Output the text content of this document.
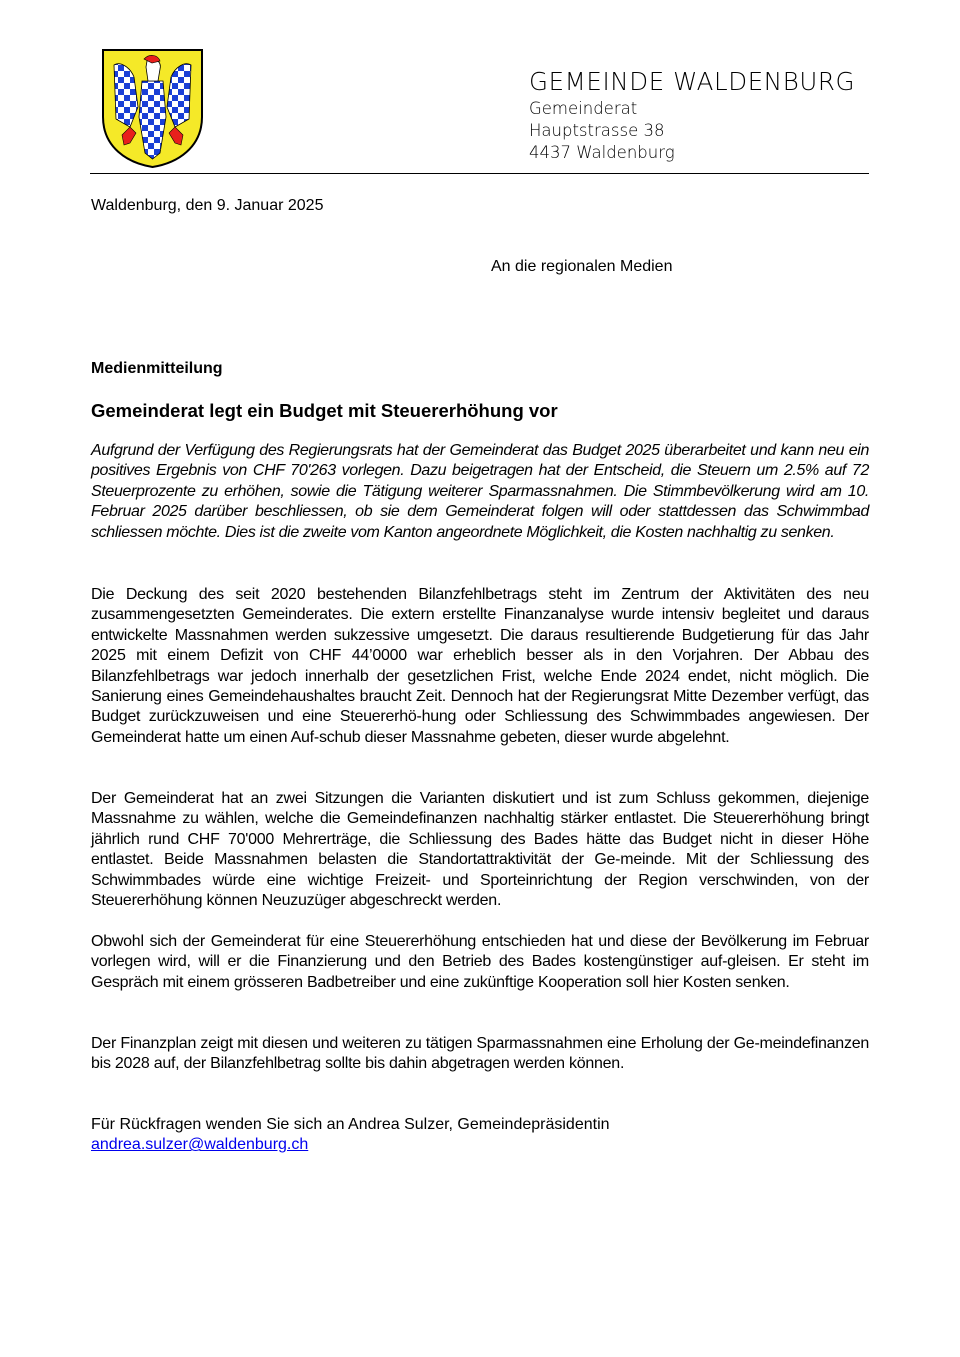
GEMEINDE WALDENBURG
Gemeinderat
Hauptstrasse 38
4437 Waldenburg
Waldenburg, den 9. Januar 2025
An die regionalen Medien
Medienmitteilung
Gemeinderat legt ein Budget mit Steuererhöhung vor
Aufgrund der Verfügung des Regierungsrats hat der Gemeinderat das Budget 2025 überarbeitet und kann neu ein positives Ergebnis von CHF 70'263 vorlegen. Dazu beigetragen hat der Entscheid, die Steuern um 2.5% auf 72 Steuerprozente zu erhöhen, sowie die Tätigung weiterer Sparmassnahmen. Die Stimmbevölkerung wird am 10. Februar 2025 darüber beschliessen, ob sie dem Gemeinderat folgen will oder stattdessen das Schwimmbad schliessen möchte. Dies ist die zweite vom Kanton angeordnete Möglichkeit, die Kosten nachhaltig zu senken.
Die Deckung des seit 2020 bestehenden Bilanzfehlbetrags steht im Zentrum der Aktivitäten des neu zusammengesetzten Gemeinderates. Die extern erstellte Finanzanalyse wurde intensiv begleitet und daraus entwickelte Massnahmen werden sukzessive umgesetzt. Die daraus resultierende Budgetierung für das Jahr 2025 mit einem Defizit von CHF 44’0000 war erheblich besser als in den Vorjahren. Der Abbau des Bilanzfehlbetrags war jedoch innerhalb der gesetzlichen Frist, welche Ende 2024 endet, nicht möglich. Die Sanierung eines Gemeindehaushaltes braucht Zeit. Dennoch hat der Regierungsrat Mitte Dezember verfügt, das Budget zurückzuweisen und eine Steuererhö-hung oder Schliessung des Schwimmbades angewiesen. Der Gemeinderat hatte um einen Auf-schub dieser Massnahme gebeten, dieser wurde abgelehnt.
Der Gemeinderat hat an zwei Sitzungen die Varianten diskutiert und ist zum Schluss gekommen, diejenige Massnahme zu wählen, welche die Gemeindefinanzen nachhaltig stärker entlastet. Die Steuererhöhung bringt jährlich rund CHF 70'000 Mehrerträge, die Schliessung des Bades hätte das Budget nicht in dieser Höhe entlastet. Beide Massnahmen belasten die Standortattraktivität der Ge-meinde. Mit der Schliessung des Schwimmbades würde eine wichtige Freizeit- und Sporteinrichtung der Region verschwinden, von der Steuererhöhung können Neuzuzüger abgeschreckt werden.
Obwohl sich der Gemeinderat für eine Steuererhöhung entschieden hat und diese der Bevölkerung im Februar vorlegen wird, will er die Finanzierung und den Betrieb des Bades kostengünstiger auf-gleisen. Er steht im Gespräch mit einem grösseren Badbetreiber und eine zukünftige Kooperation soll hier Kosten senken.
Der Finanzplan zeigt mit diesen und weiteren zu tätigen Sparmassnahmen eine Erholung der Ge-meindefinanzen bis 2028 auf, der Bilanzfehlbetrag sollte bis dahin abgetragen werden können.
Für Rückfragen wenden Sie sich an Andrea Sulzer, Gemeindepräsidentin
andrea.sulzer@waldenburg.ch
